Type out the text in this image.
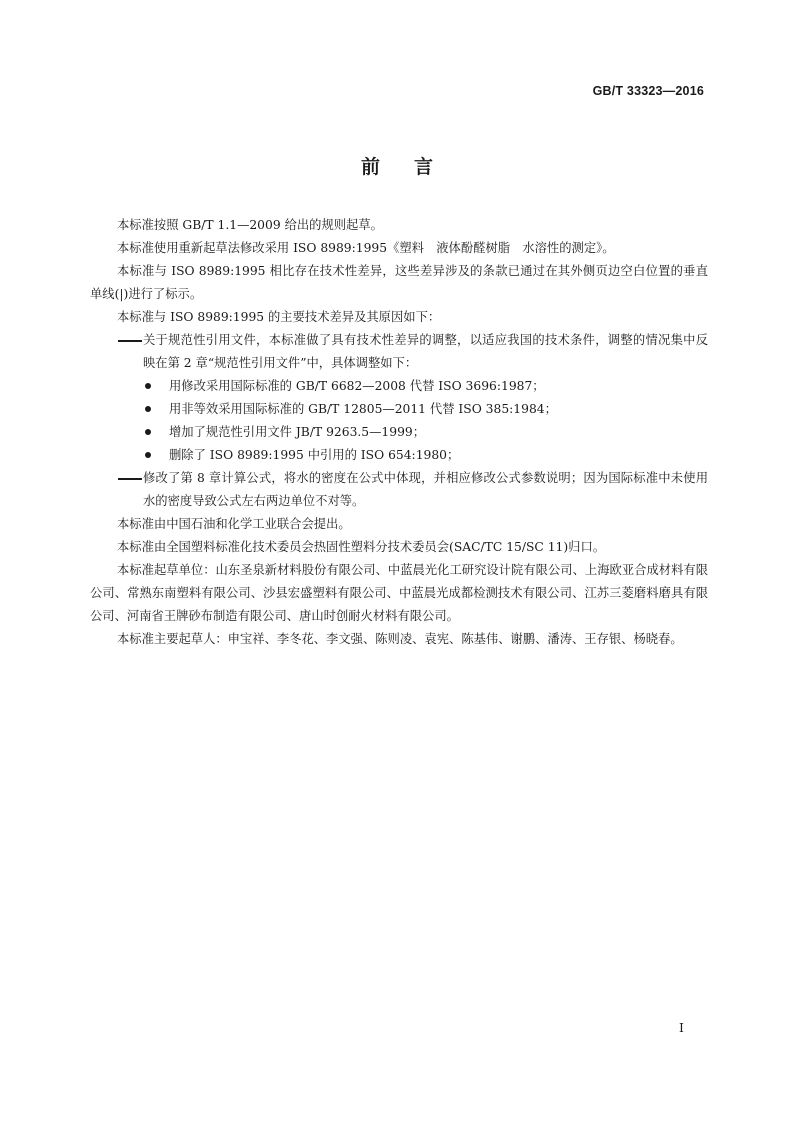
GB/T 33323—2016
前言

本标准按照 GB/T 1.1—2009 给出的规则起草。

本标准使用重新起草法修改采用 ISO 8989:1995《塑料　液体酚醛树脂　水溶性的测定》。

本标准与 ISO 8989:1995 相比存在技术性差异，这些差异涉及的条款已通过在其外侧页边空白位置的垂直单线(|)进行了标示。

本标准与 ISO 8989:1995 的主要技术差异及其原因如下：

关于规范性引用文件，本标准做了具有技术性差异的调整，以适应我国的技术条件，调整的情况集中反映在第 2 章“规范性引用文件”中，具体调整如下：
用修改采用国际标准的 GB/T 6682—2008 代替 ISO 3696:1987；
用非等效采用国际标准的 GB/T 12805—2011 代替 ISO 385:1984；
增加了规范性引用文件 JB/T 9263.5—1999；
删除了 ISO 8989:1995 中引用的 ISO 654:1980；
修改了第 8 章计算公式，将水的密度在公式中体现，并相应修改公式参数说明；因为国际标准中未使用水的密度导致公式左右两边单位不对等。

本标准由中国石油和化学工业联合会提出。

本标准由全国塑料标准化技术委员会热固性塑料分技术委员会(SAC/TC 15/SC 11)归口。

本标准起草单位：山东圣泉新材料股份有限公司、中蓝晨光化工研究设计院有限公司、上海欧亚合成材料有限公司、常熟东南塑料有限公司、沙县宏盛塑料有限公司、中蓝晨光成都检测技术有限公司、江苏三菱磨料磨具有限公司、河南省王牌砂布制造有限公司、唐山时创耐火材料有限公司。

本标准主要起草人：申宝祥、李冬花、李文强、陈则凌、袁宪、陈基伟、谢鹏、潘涛、王存银、杨晓春。

I
